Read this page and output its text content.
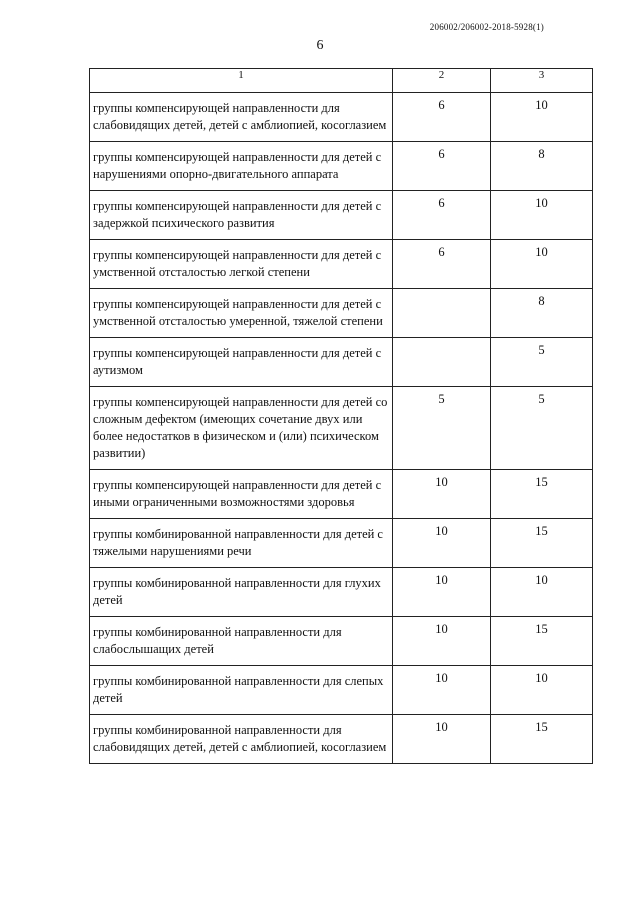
206002/206002-2018-5928(1)
6
1	2	3
группы компенсирующей направленности для слабовидящих детей, детей с амблиопией, косоглазием	6	10
группы компенсирующей направленности для детей с нарушениями опорно-двигательного аппарата	6	8
группы компенсирующей направленности для детей с задержкой психического развития	6	10
группы компенсирующей направленности для детей с умственной отсталостью легкой степени	6	10
группы компенсирующей направленности для детей с умственной отсталостью умеренной, тяжелой степени		8
группы компенсирующей направленности для детей с аутизмом		5
группы компенсирующей направленности для детей со сложным дефектом (имеющих сочетание двух или более недостатков в физическом и (или) психическом развитии)	5	5
группы компенсирующей направленности для детей с иными ограниченными возможностями здоровья	10	15
группы комбинированной направленности для детей с тяжелыми нарушениями речи	10	15
группы комбинированной направленности для глухих детей	10	10
группы комбинированной направленности для слабослышащих детей	10	15
группы комбинированной направленности для слепых детей	10	10
группы комбинированной направленности для слабовидящих детей, детей с амблиопией, косоглазием	10	15
